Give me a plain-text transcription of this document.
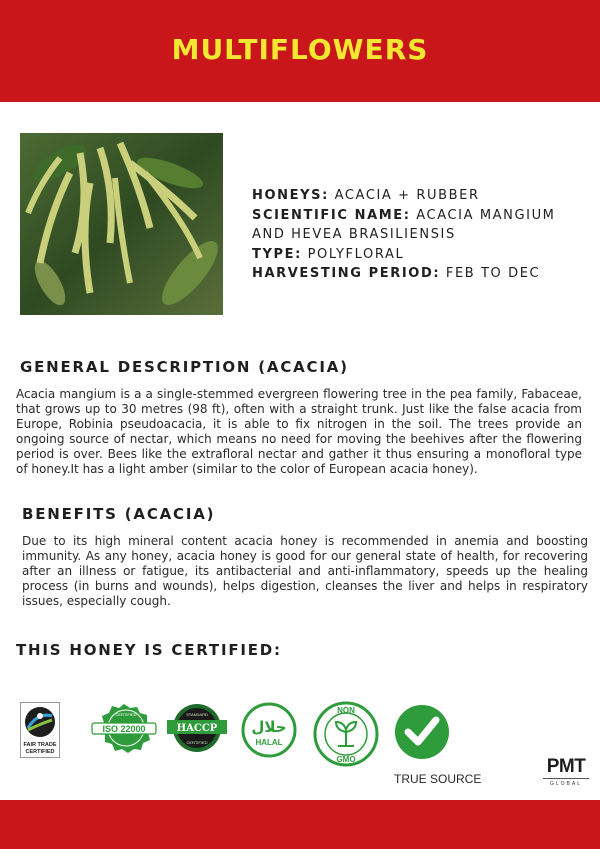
MULTIFLOWERS
HONEYS: ACACIA + RUBBER
SCIENTIFIC NAME: ACACIA MANGIUM AND HEVEA BRASILIENSIS
TYPE: POLYFLORAL
HARVESTING PERIOD: FEB TO DEC
GENERAL DESCRIPTION (ACACIA)

Acacia mangium is a a single-stemmed evergreen flowering tree in the pea family, Fabaceae, that grows up to 30 metres (98 ft), often with a straight trunk. Just like the false acacia from Europe, Robinia pseudoacacia, it is able to fix nitrogen in the soil. The trees provide an ongoing source of nectar, which means no need for moving the beehives after the flowering period is over. Bees like the extrafloral nectar and gather it thus ensuring a monofloral type of honey.It has a light amber (similar to the color of European acacia honey).

BENEFITS (ACACIA)

Due to its high mineral content acacia honey is recommended in anemia and boosting immunity. As any honey, acacia honey is good for our general state of health, for recovering after an illness or fatigue, its antibacterial and anti-inflammatory, speeds up the healing process (in burns and wounds), helps digestion, cleanses the liver and helps in respiratory issues, especially cough.

THIS HONEY IS CERTIFIED:
FAIR TRADE
CERTIFIED
ISO 22000
CERTIFIED
HACCP
STANDARD
CERTIFIED
حلال
HALAL
NON
GMO
TRUE SOURCE
PMT
GLOBAL
